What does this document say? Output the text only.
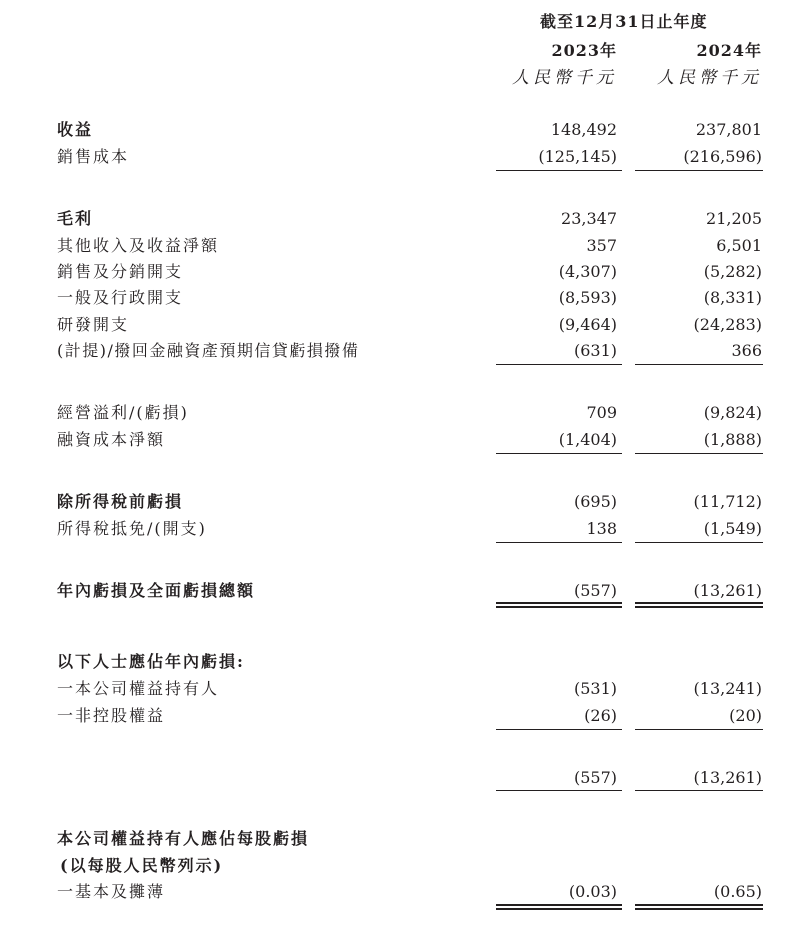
截至12月31日止年度
2023年	2024年
人民幣千元 人民幣千元
收益	148,492	237,801
銷售成本	(125,145)	(216,596)
毛利	23,347	21,205
其他收入及收益淨額	357	6,501
銷售及分銷開支	(4,307)	(5,282)
一般及行政開支	(8,593)	(8,331)
研發開支	(9,464)	(24,283)
(計提)/撥回金融資產預期信貸虧損撥備	(631)	366
經營溢利/(虧損)	709	(9,824)
融資成本淨額	(1,404)	(1,888)
除所得稅前虧損	(695)	(11,712)
所得稅抵免/(開支)	138	(1,549)
年內虧損及全面虧損總額	(557)	(13,261)
以下人士應佔年內虧損:
一本公司權益持有人	(531)	(13,241)
一非控股權益	(26)	(20)
(557)	(13,261)
本公司權益持有人應佔每股虧損
(以每股人民幣列示)
一基本及攤薄	(0.03)	(0.65)
